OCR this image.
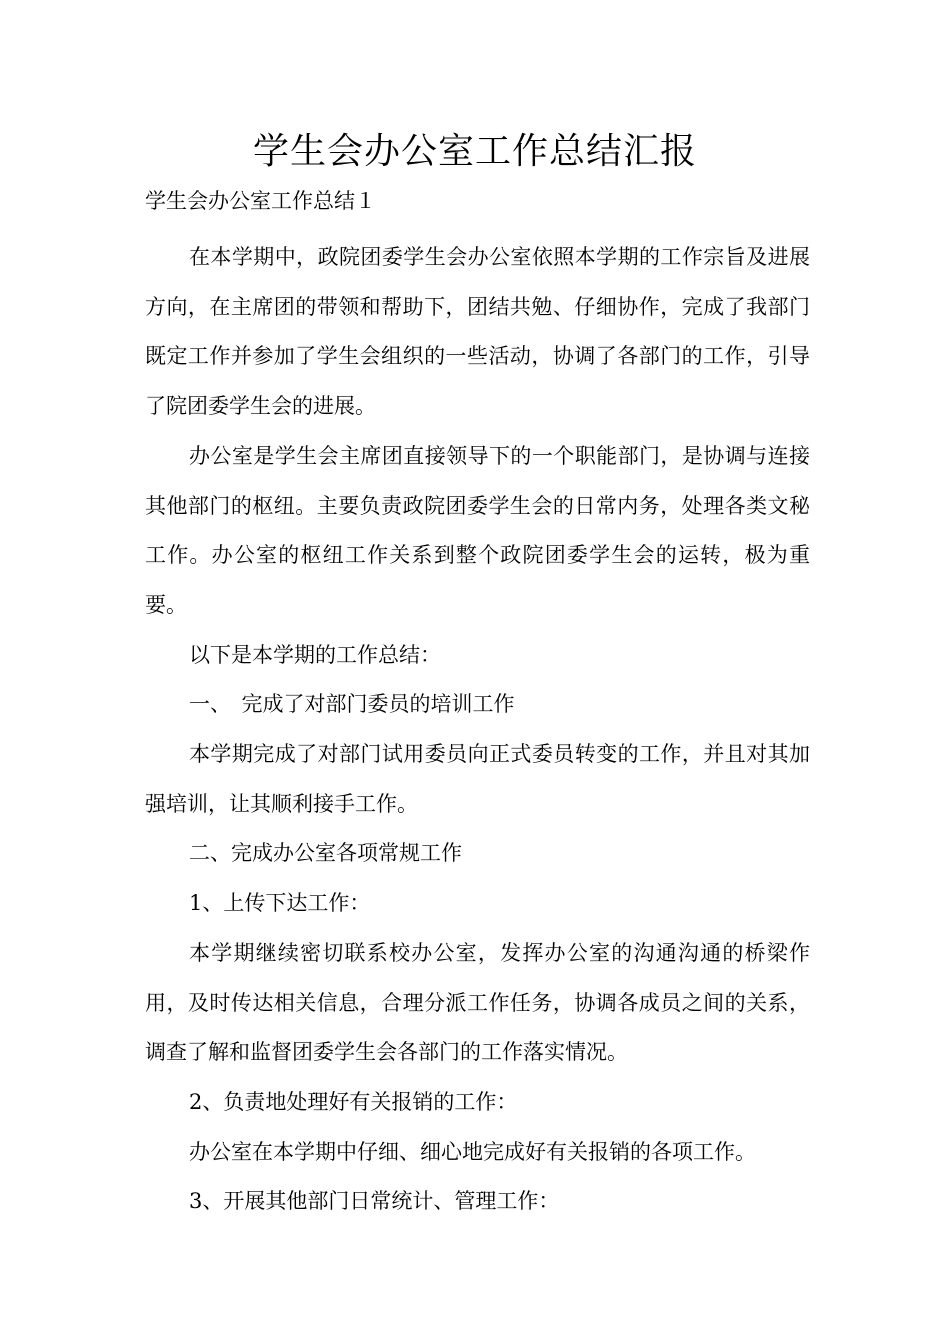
学生会办公室工作总结汇报

学生会办公室工作总结１

在本学期中，政院团委学生会办公室依照本学期的工作宗旨及进展方向，在主席团的带领和帮助下，团结共勉、仔细协作，完成了我部门既定工作并参加了学生会组织的一些活动，协调了各部门的工作，引导了院团委学生会的进展。

办公室是学生会主席团直接领导下的一个职能部门，是协调与连接其他部门的枢纽。主要负责政院团委学生会的日常内务，处理各类文秘工作。办公室的枢纽工作关系到整个政院团委学生会的运转，极为重要。

以下是本学期的工作总结：

一、　完成了对部门委员的培训工作

本学期完成了对部门试用委员向正式委员转变的工作，并且对其加强培训，让其顺利接手工作。

二、完成办公室各项常规工作

1、上传下达工作：

本学期继续密切联系校办公室，发挥办公室的沟通沟通的桥梁作用，及时传达相关信息，合理分派工作任务，协调各成员之间的关系，调查了解和监督团委学生会各部门的工作落实情况。

2、负责地处理好有关报销的工作：

办公室在本学期中仔细、细心地完成好有关报销的各项工作。

3、开展其他部门日常统计、管理工作：
